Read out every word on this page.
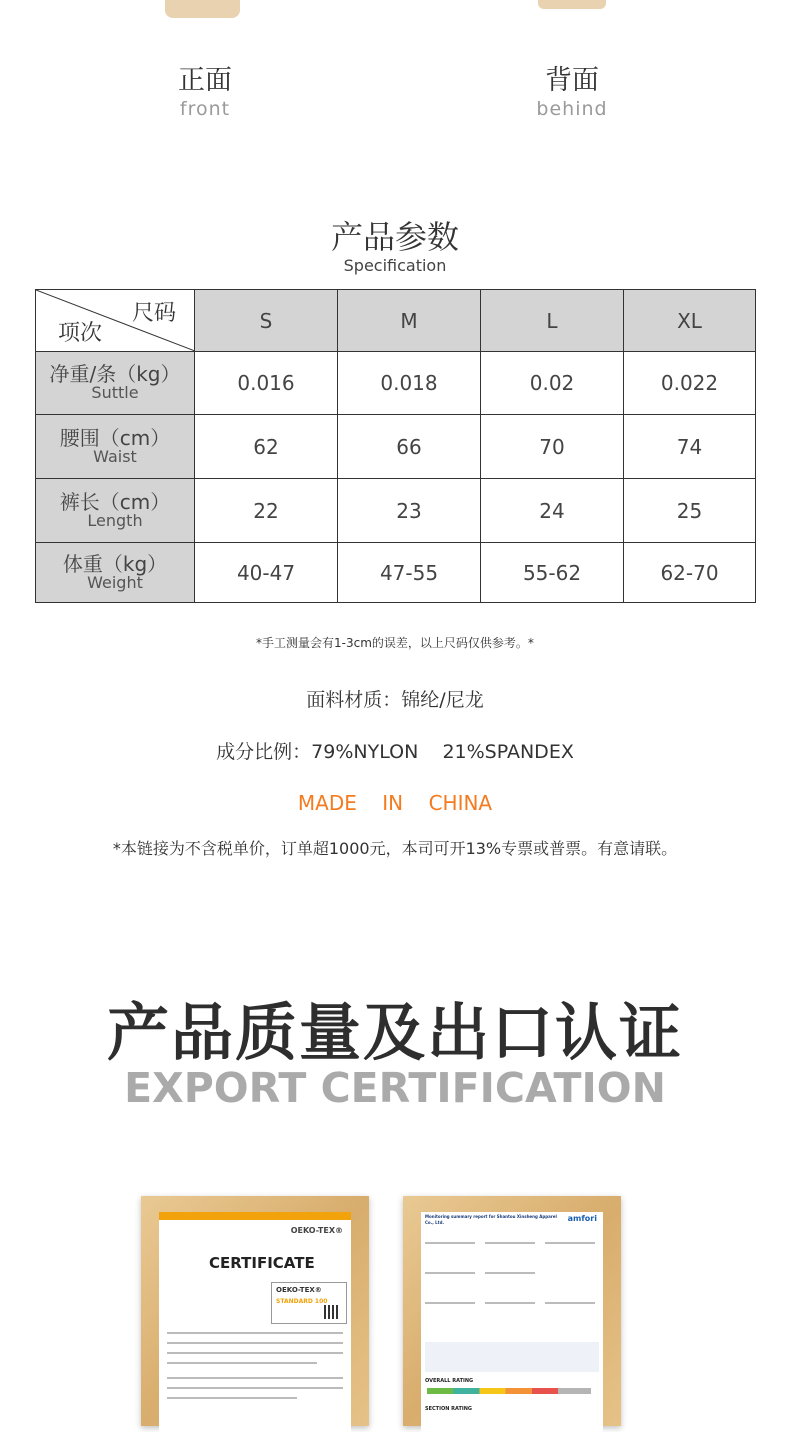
正面
front
背面
behind
产品参数
Specification
尺码
项次	S	M	L	XL

净重/条（kg）
Suttle	0.016	0.018	0.02	0.022

腰围（cm）
Waist	62	66	70	74

裤长（cm）
Length	22	23	24	25

体重（kg）
Weight	40-47	47-55	55-62	62-70
*手工测量会有1-3cm的误差，以上尺码仅供参考。*
面料材质：锦纶/尼龙
成分比例：79%NYLON    21%SPANDEX
MADE    IN    CHINA
*本链接为不含税单价，订单超1000元，本司可开13%专票或普票。有意请联。
产品质量及出口认证
EXPORT CERTIFICATION
OEKO-TEX®
CERTIFICATE
OEKO-TEX®
STANDARD 100
Monitoring summary report for Shantou Xinsheng Apparel Co., Ltd.	amfori
OVERALL RATING
SECTION RATING
